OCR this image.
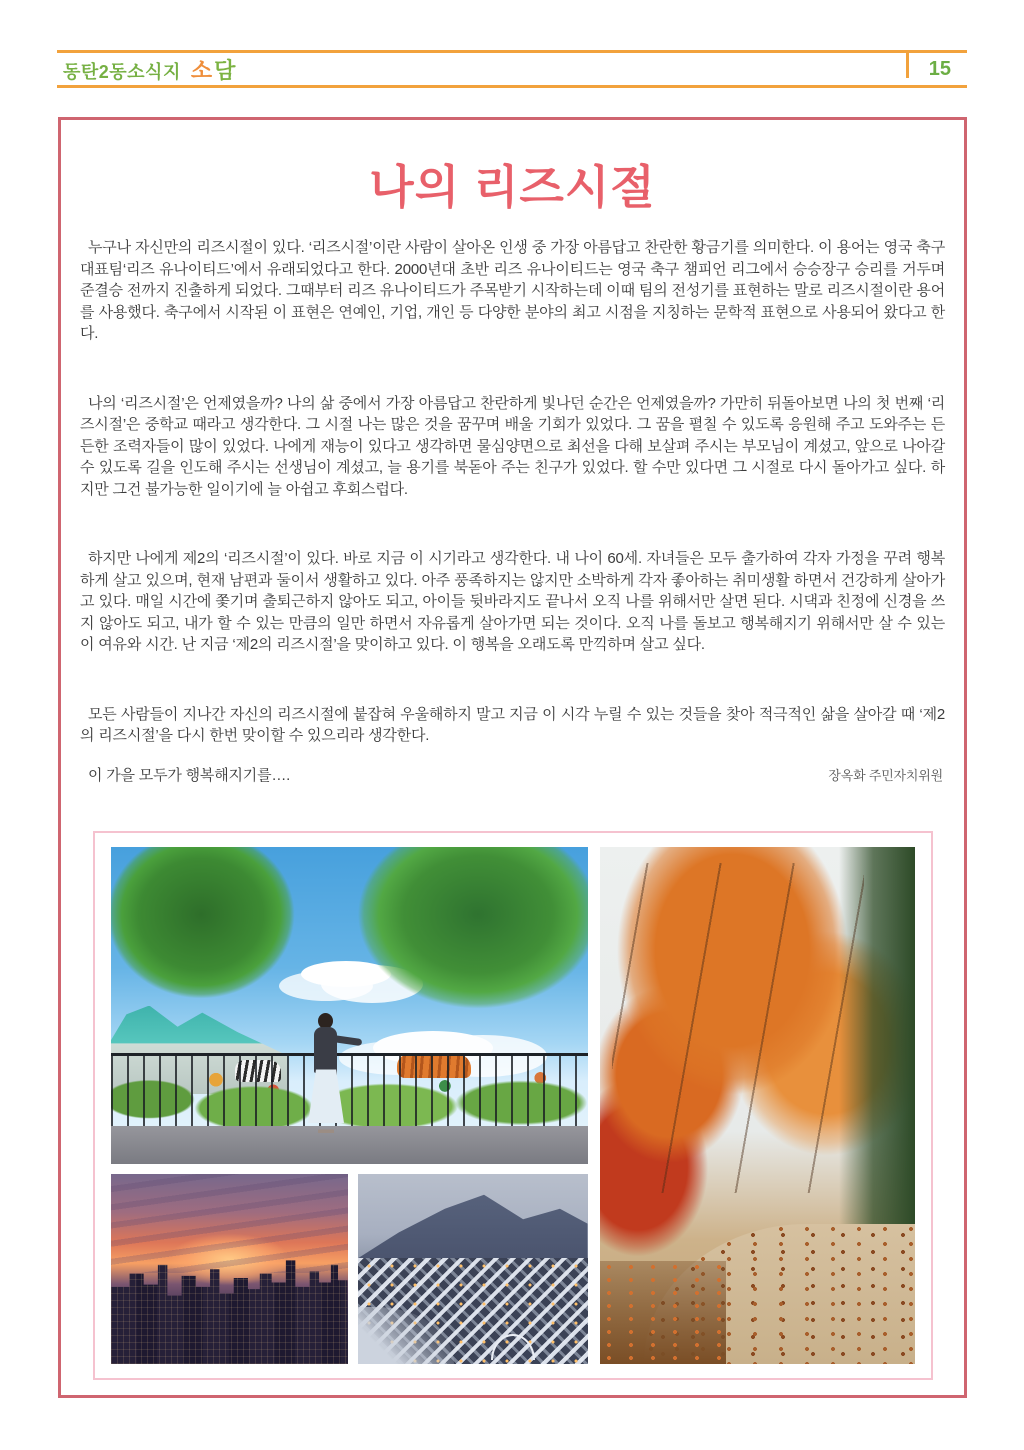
동탄2동소식지 소담	15
나의 리즈시절

누구나 자신만의 리즈시절이 있다. ‘리즈시절’이란 사람이 살아온 인생 중 가장 아름답고 찬란한 황금기를 의미한다. 이 용어는 영국 축구대표팀‘리즈 유나이티드’에서 유래되었다고 한다. 2000년대 초반 리즈 유나이티드는 영국 축구 챔피언 리그에서 승승장구 승리를 거두며 준결승 전까지 진출하게 되었다. 그때부터 리즈 유나이티드가 주목받기 시작하는데 이때 팀의 전성기를 표현하는 말로 리즈시절이란 용어를 사용했다. 축구에서 시작된 이 표현은 연예인, 기업, 개인 등 다양한 분야의 최고 시점을 지칭하는 문학적 표현으로 사용되어 왔다고 한다.

나의 ‘리즈시절’은 언제였을까? 나의 삶 중에서 가장 아름답고 찬란하게 빛나던 순간은 언제였을까? 가만히 뒤돌아보면 나의 첫 번째 ‘리즈시절’은 중학교 때라고 생각한다. 그 시절 나는 많은 것을 꿈꾸며 배울 기회가 있었다. 그 꿈을 펼칠 수 있도록 응원해 주고 도와주는 든든한 조력자들이 많이 있었다. 나에게 재능이 있다고 생각하면 물심양면으로 최선을 다해 보살펴 주시는 부모님이 계셨고, 앞으로 나아갈 수 있도록 길을 인도해 주시는 선생님이 계셨고, 늘 용기를 북돋아 주는 친구가 있었다. 할 수만 있다면 그 시절로 다시 돌아가고 싶다. 하지만 그건 불가능한 일이기에 늘 아쉽고 후회스럽다.

하지만 나에게 제2의 ‘리즈시절’이 있다. 바로 지금 이 시기라고 생각한다. 내 나이 60세. 자녀들은 모두 출가하여 각자 가정을 꾸려 행복하게 살고 있으며, 현재 남편과 둘이서 생활하고 있다. 아주 풍족하지는 않지만 소박하게 각자 좋아하는 취미생활 하면서 건강하게 살아가고 있다. 매일 시간에 쫓기며 출퇴근하지 않아도 되고, 아이들 뒷바라지도 끝나서 오직 나를 위해서만 살면 된다. 시댁과 친정에 신경을 쓰지 않아도 되고, 내가 할 수 있는 만큼의 일만 하면서 자유롭게 살아가면 되는 것이다. 오직 나를 돌보고 행복해지기 위해서만 살 수 있는 이 여유와 시간. 난 지금 ‘제2의 리즈시절’을 맞이하고 있다. 이 행복을 오래도록 만끽하며 살고 싶다.

모든 사람들이 지나간 자신의 리즈시절에 붙잡혀 우울해하지 말고 지금 이 시각 누릴 수 있는 것들을 찾아 적극적인 삶을 살아갈 때 ‘제2의 리즈시절’을 다시 한번 맞이할 수 있으리라 생각한다.

이 가을 모두가 행복해지기를….	장옥화 주민자치위원
